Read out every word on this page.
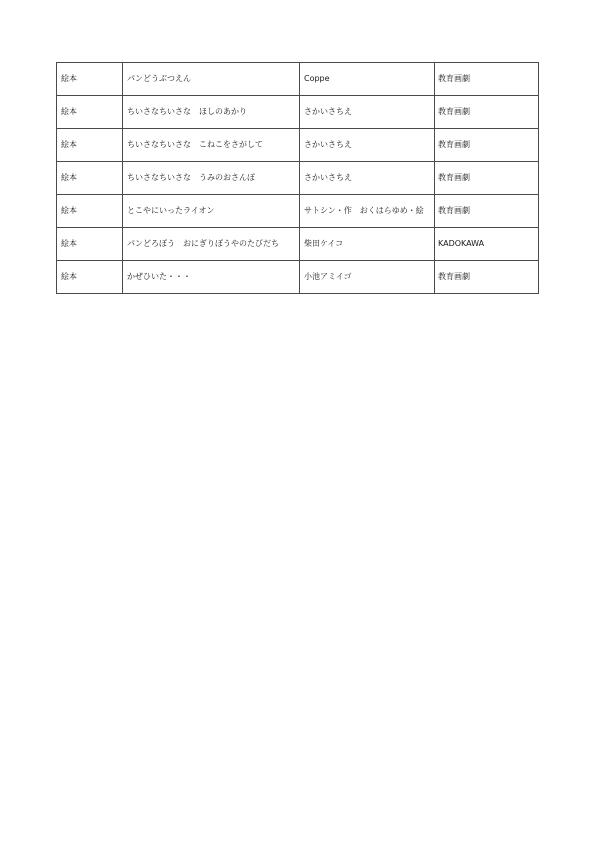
絵本	パンどうぶつえん	Coppe	教育画劇
絵本	ちいさなちいさな　ほしのあかり	さかいさちえ	教育画劇
絵本	ちいさなちいさな　こねこをさがして	さかいさちえ	教育画劇
絵本	ちいさなちいさな　うみのおさんぽ	さかいさちえ	教育画劇
絵本	とこやにいったライオン	サトシン・作　おくはらゆめ・絵	教育画劇
絵本	パンどろぼう　おにぎりぼうやのたびだち	柴田ケイコ	KADOKAWA
絵本	かぜひいた・・・	小池アミイゴ	教育画劇
